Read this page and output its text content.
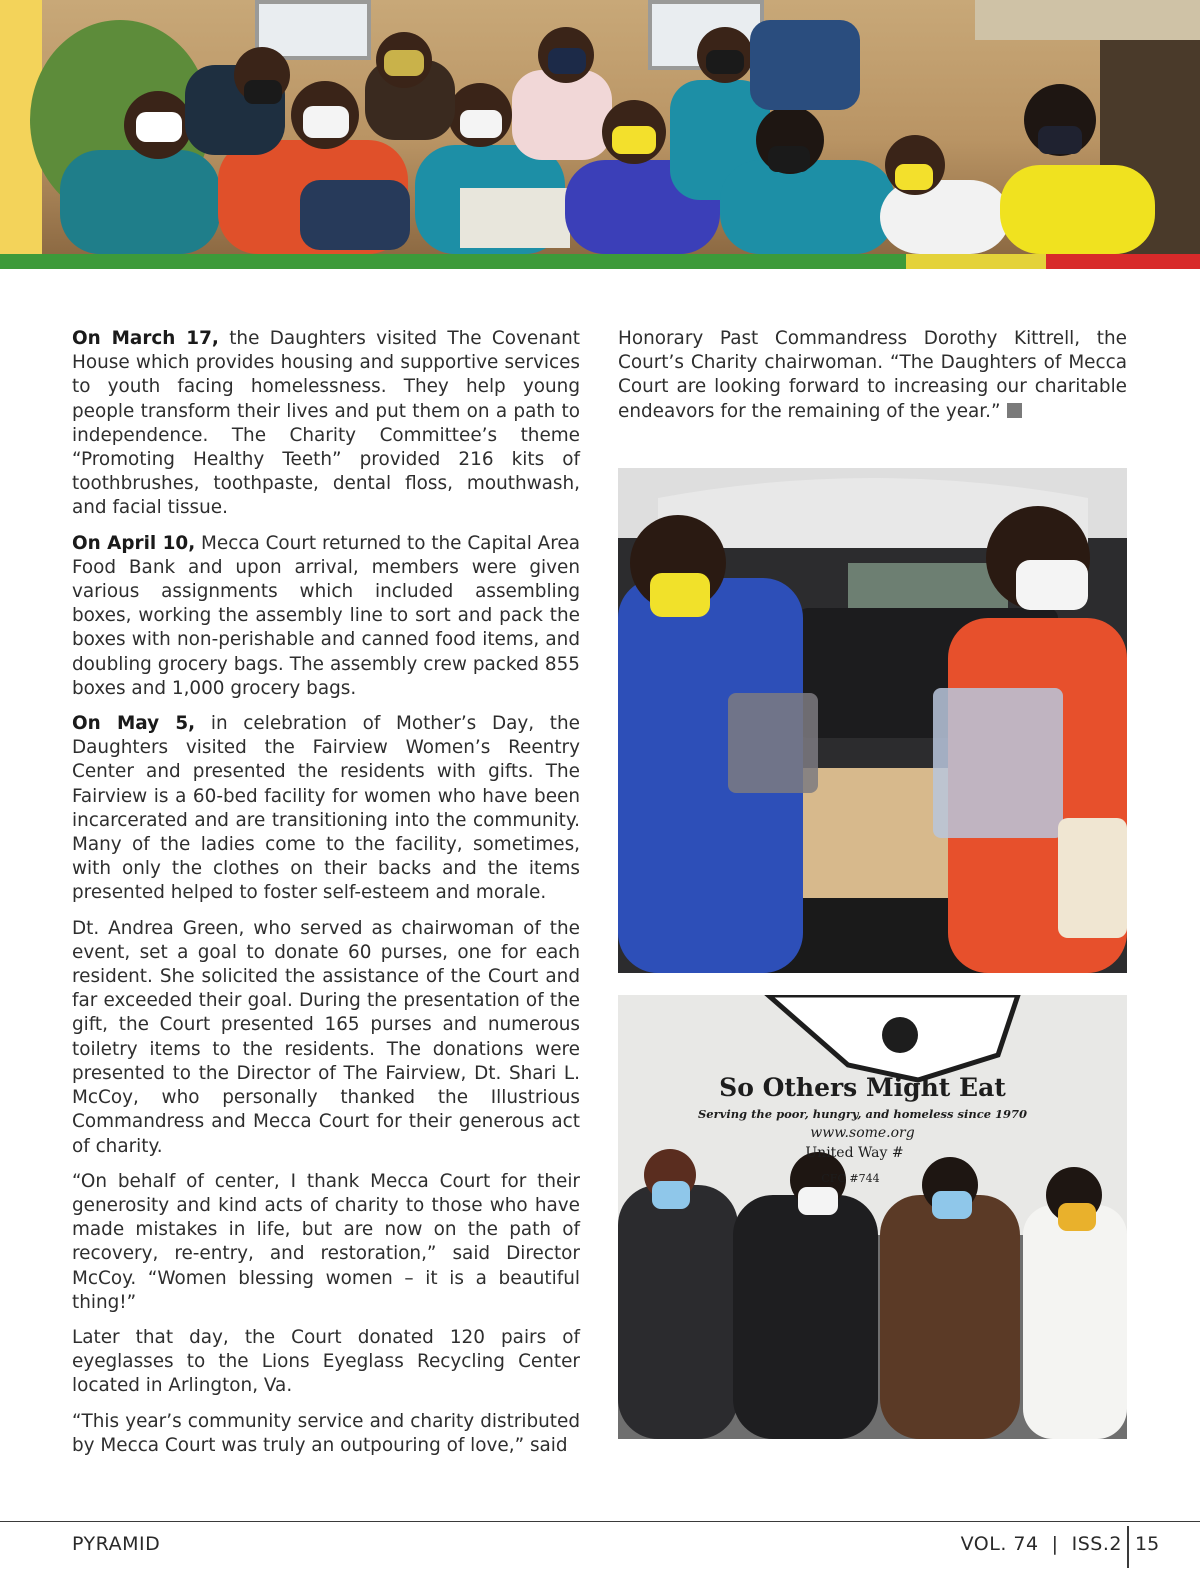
On March 17, the Daughters visited The Covenant House which provides housing and supportive services to youth facing homelessness. They help young people transform their lives and put them on a path to independence. The Charity Committee’s theme “Promoting Healthy Teeth” provided 216 kits of toothbrushes, toothpaste, dental floss, mouthwash, and facial tissue.

On April 10, Mecca Court returned to the Capital Area Food Bank and upon arrival, members were given various assignments which included assembling boxes, working the assembly line to sort and pack the boxes with non-perishable and canned food items, and doubling grocery bags. The assembly crew packed 855 boxes and 1,000 grocery bags.

On May 5, in celebration of Mother’s Day, the Daughters visited the Fairview Women’s Reentry Center and presented the residents with gifts. The Fairview is a 60-bed facility for women who have been incarcerated and are transitioning into the community. Many of the ladies come to the facility, sometimes, with only the clothes on their backs and the items presented helped to foster self-esteem and morale.

Dt. Andrea Green, who served as chairwoman of the event, set a goal to donate 60 purses, one for each resident. She solicited the assistance of the Court and far exceeded their goal. During the presentation of the gift, the Court presented 165 purses and numerous toiletry items to the residents. The donations were presented to the Director of The Fairview, Dt. Shari L. McCoy, who personally thanked the Illustrious Commandress and Mecca Court for their generous act of charity.

“On behalf of center, I thank Mecca Court for their generosity and kind acts of charity to those who have made mistakes in life, but are now on the path of recovery, re-entry, and restoration,” said Director McCoy. “Women blessing women – it is a beautiful thing!”

Later that day, the Court donated 120 pairs of eyeglasses to the Lions Eyeglass Recycling Center located in Arlington, Va.

“This year’s community service and charity distributed by Mecca Court was truly an outpouring of love,” said

Honorary Past Commandress Dorothy Kittrell, the Court’s Charity chairwoman. “The Daughters of Mecca Court are looking forward to increasing our charitable endeavors for the remaining of the year.”

So Others Might Eat
Serving the poor, hungry, and homeless since 1970
www.some.org
United Way #
CFC #744
PYRAMID	VOL. 74  |  ISS.2 15
